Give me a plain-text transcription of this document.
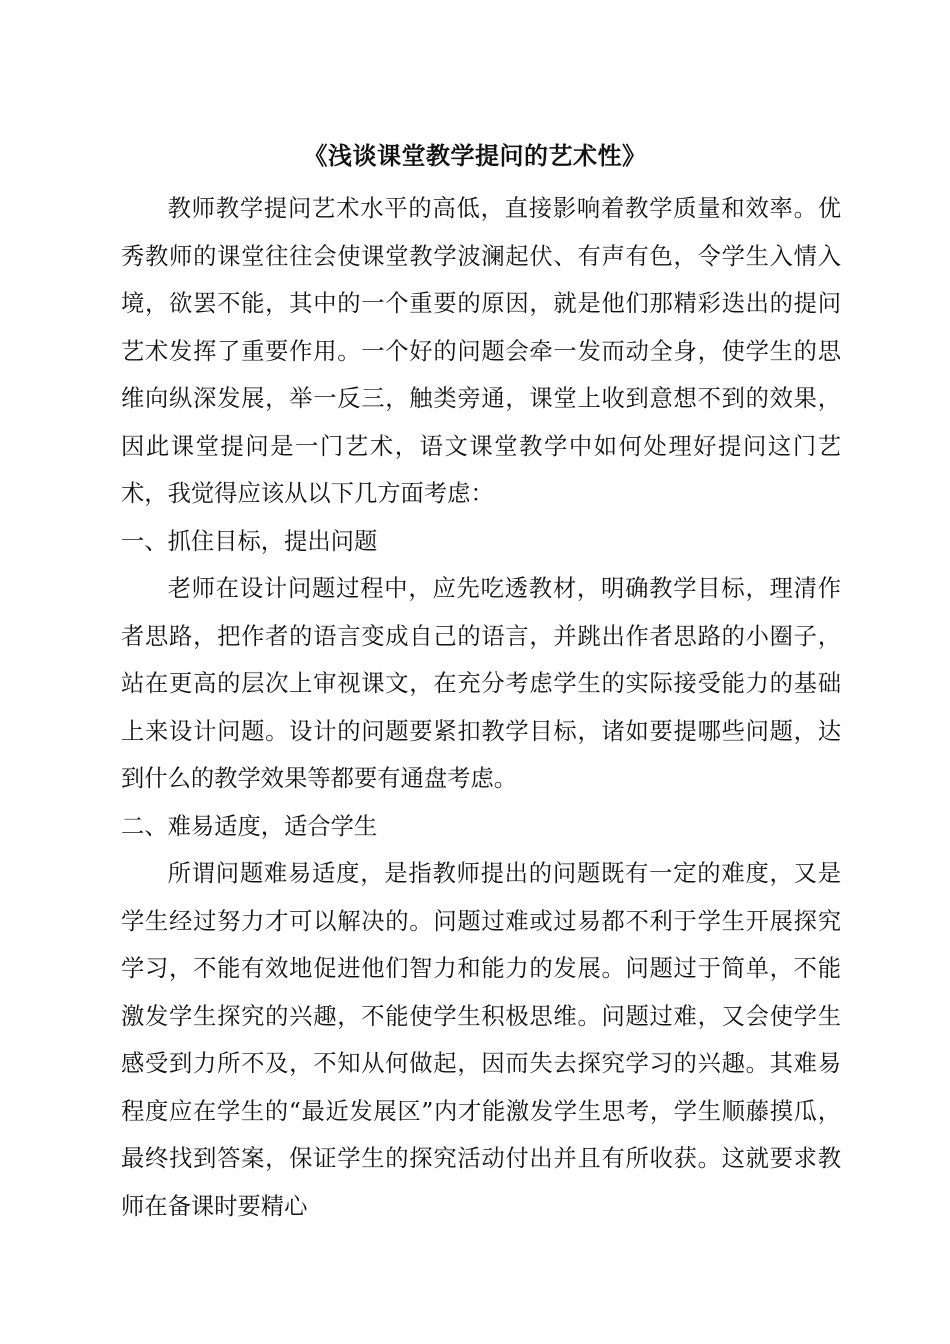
《浅谈课堂教学提问的艺术性》

教师教学提问艺术水平的高低，直接影响着教学质量和效率。优秀教师的课堂往往会使课堂教学波澜起伏、有声有色，令学生入情入境，欲罢不能，其中的一个重要的原因，就是他们那精彩迭出的提问艺术发挥了重要作用。一个好的问题会牵一发而动全身，使学生的思维向纵深发展，举一反三，触类旁通，课堂上收到意想不到的效果，因此课堂提问是一门艺术，语文课堂教学中如何处理好提问这门艺术，我觉得应该从以下几方面考虑：

一、抓住目标，提出问题

老师在设计问题过程中，应先吃透教材，明确教学目标，理清作者思路，把作者的语言变成自己的语言，并跳出作者思路的小圈子，站在更高的层次上审视课文，在充分考虑学生的实际接受能力的基础上来设计问题。设计的问题要紧扣教学目标，诸如要提哪些问题，达到什么的教学效果等都要有通盘考虑。

二、难易适度，适合学生

所谓问题难易适度，是指教师提出的问题既有一定的难度，又是学生经过努力才可以解决的。问题过难或过易都不利于学生开展探究学习，不能有效地促进他们智力和能力的发展。问题过于简单，不能激发学生探究的兴趣，不能使学生积极思维。问题过难，又会使学生感受到力所不及，不知从何做起，因而失去探究学习的兴趣。其难易程度应在学生的“最近发展区”内才能激发学生思考，学生顺藤摸瓜，最终找到答案，保证学生的探究活动付出并且有所收获。这就要求教师在备课时要精心
